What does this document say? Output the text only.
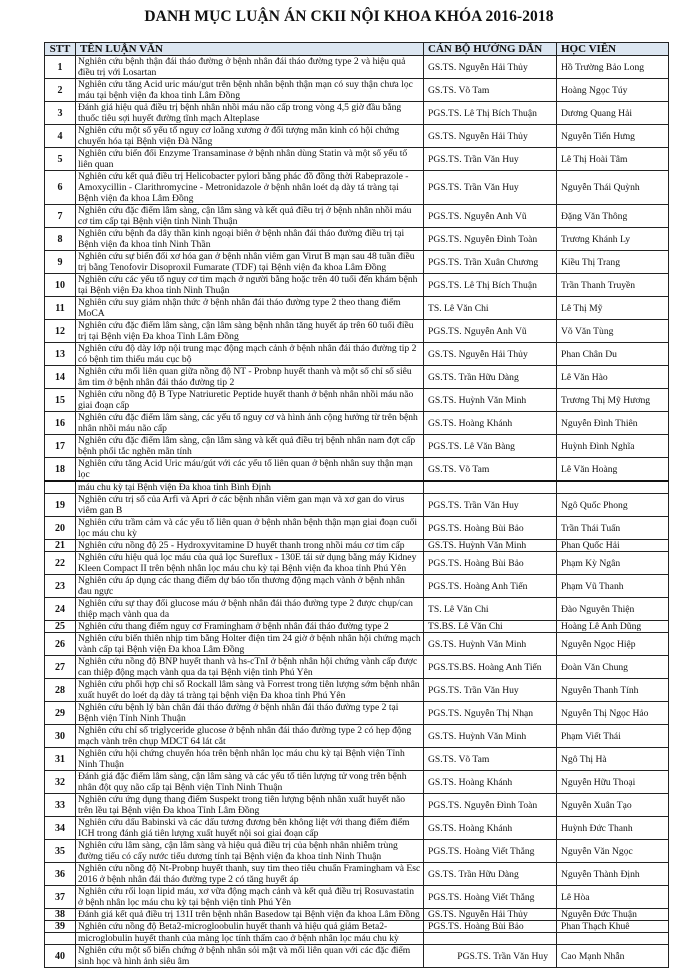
DANH MỤC LUẬN ÁN CKII NỘI KHOA KHÓA 2016-2018
STT	TÊN LUẬN VĂN	CÁN BỘ HƯỚNG DẪN	HỌC VIÊN
1	Nghiên cứu bệnh thận đái tháo đường ở bệnh nhân đái tháo đường type 2 và hiệu quả điều trị với Losartan	GS.TS. Nguyễn Hải Thủy	Hồ Trường Bảo Long
2	Nghiên cứu tăng Acid uric máu/gut trên bệnh nhân bệnh thận mạn có suy thận chưa lọc máu tại bệnh viện đa khoa tỉnh Lâm Đồng	GS.TS. Võ Tam	Hoàng Ngọc Túy
3	Đánh giá hiệu quả điều trị bệnh nhân nhồi máu não cấp trong vòng 4,5 giờ đầu bằng thuốc tiêu sợi huyết đường tĩnh mạch Alteplase	PGS.TS. Lê Thị Bích Thuận	Dương Quang Hải
4	Nghiên cứu một số yếu tố nguy cơ loãng xương ở đối tượng mãn kinh có hội chứng chuyển hóa tại Bệnh viện Đà Nẵng	GS.TS. Nguyễn Hải Thủy	Nguyễn Tiến Hưng
5	Nghiên cứu biến đổi Enzyme Transaminase ở bệnh nhân dùng Statin và một số yếu tố liên quan	PGS.TS. Trần Văn Huy	Lê Thị Hoài Tâm
6	Nghiên cứu kết quả điều trị Helicobacter pylori bằng phác đồ đồng thời Rabeprazole - Amoxycillin - Clarithromycine - Metronidazole ở bệnh nhân loét dạ dày tá tràng tại Bệnh viện đa khoa Lâm Đồng	PGS.TS. Trần Văn Huy	Nguyễn Thái Quỳnh
7	Nghiên cứu đặc điểm lâm sàng, cận lâm sàng và kết quả điều trị ở bệnh nhân nhồi máu cơ tim cấp tại Bệnh viện tỉnh Ninh Thuận	PGS.TS. Nguyễn Anh Vũ	Đặng Văn Thông
8	Nghiên cứu bệnh đa dây thần kinh ngoại biên ở bệnh nhân đái tháo đường điều trị tại Bệnh viện đa khoa tỉnh Ninh Thần	PGS.TS. Nguyễn Đình Toàn	Trương Khánh Ly
9	Nghiên cứu sự biến đổi xơ hóa gan ở bệnh nhân viêm gan Virut B mạn sau 48 tuần điều trị bằng Tenofovir Disoproxil Fumarate (TDF) tại Bệnh viện đa khoa Lâm Đồng	PGS.TS. Trần Xuân Chương	Kiều Thị Trang
10	Nghiên cứu các yếu tố nguy cơ tim mạch ở người bằng hoặc trên 40 tuổi đến khám bệnh tại Bệnh viện Đa khoa tỉnh Ninh Thuận	PGS.TS. Lê Thị Bích Thuận	Trần Thanh Truyền
11	Nghiên cứu suy giảm nhận thức ở bệnh nhân đái tháo đường type 2 theo thang điểm MoCA	TS. Lê Văn Chi	Lê Thị Mỹ
12	Nghiên cứu đặc điểm lâm sàng, cận lâm sàng bệnh nhân tăng huyết áp trên 60 tuổi điều trị tại Bệnh viện Đa khoa Tỉnh Lâm Đồng	PGS.TS. Nguyễn Anh Vũ	Võ Văn Tùng
13	Nghiên cứu độ dày lớp nội trung mạc động mạch cảnh ở bệnh nhân đái tháo đường tip 2 có bệnh tim thiếu máu cục bộ	GS.TS. Nguyễn Hải Thủy	Phan Chân Du
14	Nghiên cứu mối liên quan giữa nồng độ NT - Probnp huyết thanh và một số chỉ số siêu âm tim ở bệnh nhân đái tháo đường tip 2	GS.TS. Trần Hữu Dàng	Lê Văn Hào
15	Nghiên cứu nồng độ B Type Natriuretic Peptide huyết thanh ở bệnh nhân nhồi máu não giai đoạn cấp	GS.TS. Huỳnh Văn Minh	Trương Thị Mỹ Hương
16	Nghiên cứu đặc điểm lâm sàng, các yếu tố nguy cơ và hình ảnh cộng hưởng từ trên bệnh nhân nhồi máu não cấp	GS.TS. Hoàng Khánh	Nguyễn Đình Thiên
17	Nghiên cứu đặc điểm lâm sàng, cận lâm sàng và kết quả điều trị bệnh nhân nam đợt cấp bệnh phổi tắc nghẽn mãn tính	PGS.TS. Lê Văn Bàng	Huỳnh Đình Nghĩa
18	Nghiên cứu tăng Acid Uric máu/gút với các yếu tố liên quan ở bệnh nhân suy thận mạn lọc	GS.TS. Võ Tam	Lê Văn Hoàng
	máu chu kỳ tại Bệnh viện Đa khoa tỉnh Bình Định		
19	Nghiên cứu trị số của Arfi và Apri ở các bệnh nhân viêm gan mạn và xơ gan do virus viêm gan B	PGS.TS. Trần Văn Huy	Ngô Quốc Phong
20	Nghiên cứu trầm cảm và các yếu tố liên quan ở bệnh nhân bệnh thận mạn giai đoạn cuối lọc máu chu kỳ	PGS.TS. Hoàng Bùi Bảo	Trần Thái Tuấn
21	Nghiên cứu nồng độ 25 - Hydroxyvitamine D huyết thanh trong nhồi máu cơ tim cấp	GS.TS. Huỳnh Văn Minh	Phan Quốc Hải
22	Nghiên cứu hiệu quả lọc máu của quả lọc Sureflux - 130E tái sử dụng bằng máy Kidney Kleen Compact II trên bệnh nhân lọc máu chu kỳ tại Bệnh viện đa khoa tỉnh Phú Yên	PGS.TS. Hoàng Bùi Bảo	Phạm Kỳ Ngân
23	Nghiên cứu áp dụng các thang điểm dự báo tổn thương động mạch vành ở bệnh nhân đau ngực	PGS.TS. Hoàng Anh Tiến	Phạm Vũ Thanh
24	Nghiên cứu sự thay đổi glucose máu ở bệnh nhân đái tháo đường type 2 được chụp/can thiệp mạch vành qua da	TS. Lê Văn Chi	Đào Nguyên Thiện
25	Nghiên cứu thang điểm nguy cơ Framingham ở bệnh nhân đái tháo đường type 2	TS.BS. Lê Văn Chi	Hoàng Lê Anh Dũng
26	Nghiên cứu biến thiên nhịp tim bằng Holter điện tim 24 giờ ở bệnh nhân hội chứng mạch vành cấp tại Bệnh viện Đa khoa Lâm Đồng	GS.TS. Huỳnh Văn Minh	Nguyễn Ngọc Hiệp
27	Nghiên cứu nồng độ BNP huyết thanh và hs-cTnI ở bệnh nhân hội chứng vành cấp được can thiệp động mạch vành qua da tại Bệnh viện tỉnh Phú Yên	PGS.TS.BS. Hoàng Anh Tiến	Đoàn Văn Chung
28	Nghiên cứu phối hợp chỉ số Rockall lâm sàng và Forrest trong tiên lượng sớm bệnh nhân xuất huyết do loét dạ dày tá tràng tại bệnh viện Đa khoa tỉnh Phú Yên	PGS.TS. Trần Văn Huy	Nguyễn Thanh Tính
29	Nghiên cứu bệnh lý bàn chân đái tháo đường ở bệnh nhân đái tháo đường type 2 tại Bệnh viện Tỉnh Ninh Thuận	PGS.TS. Nguyễn Thị Nhạn	Nguyễn Thị Ngọc Hảo
30	Nghiên cứu chỉ số triglyceride glucose ở bệnh nhân đái tháo đường type 2 có hẹp động mạch vành trên chụp MDCT 64 lát cắt	GS.TS. Huỳnh Văn Minh	Phạm Viết Thái
31	Nghiên cứu hội chứng chuyển hóa trên bệnh nhân lọc máu chu kỳ tại Bệnh viện Tỉnh Ninh Thuận	GS.TS. Võ Tam	Ngô Thị Hà
32	Đánh giá đặc điểm lâm sàng, cận lâm sàng và các yếu tố tiên lượng tử vong trên bệnh nhân đột quỵ não cấp tại Bệnh viện Tỉnh Ninh Thuận	GS.TS. Hoàng Khánh	Nguyễn Hữu Thoại
33	Nghiên cứu ứng dụng thang điểm Suspekt trong tiên lượng bệnh nhân xuất huyết não trên lều tại Bệnh viện Đa khoa Tỉnh Lâm Đồng	PGS.TS. Nguyễn Đình Toàn	Nguyễn Xuân Tạo
34	Nghiên cứu dấu Babinski và các dấu tương đương bên không liệt với thang điểm điểm ICH trong đánh giá tiên lượng xuất huyết nội soi giai đoạn cấp	GS.TS. Hoàng Khánh	Huỳnh Đức Thanh
35	Nghiên cứu lâm sàng, cận lâm sàng và hiệu quả điều trị của bệnh nhân nhiễm trùng đường tiểu có cấy nước tiểu dương tính tại Bệnh viện đa khoa tỉnh Ninh Thuận	PGS.TS. Hoàng Viết Thắng	Nguyễn Văn Ngọc
36	Nghiên cứu nồng độ Nt-Probnp huyết thanh, suy tim theo tiêu chuẩn Framingham và Esc 2016 ở bệnh nhân đái tháo đường type 2 có tăng huyết áp	GS.TS. Trần Hữu Dàng	Nguyễn Thành Định
37	Nghiên cứu rối loạn lipid máu, xơ vữa động mạch cảnh và kết quả điều trị Rosuvastatin ở bệnh nhân lọc máu chu kỳ tại bệnh viện tỉnh Phú Yên	PGS.TS. Hoàng Viết Thắng	Lê Hòa
38	Đánh giá kết quả điều trị 131I trên bệnh nhân Basedow tại Bệnh viện đa khoa Lâm Đồng	GS.TS. Nguyễn Hải Thủy	Nguyễn Đức Thuận
39	Nghiên cứu nồng độ Beta2-microgloobulin huyết thanh và hiệu quả giảm Beta2-	PGS.TS. Hoàng Bùi Bảo	Phan Thạch Khuê
	microglobulin huyết thanh của màng lọc tính thấm cao ở bệnh nhân lọc máu chu kỳ		
40	Nghiên cứu một số biến chứng ở bệnh nhân sỏi mật và mối liên quan với các đặc điểm sinh học và hình ảnh siêu âm	PGS.TS. Trần Văn Huy	Cao Mạnh Nhẫn
